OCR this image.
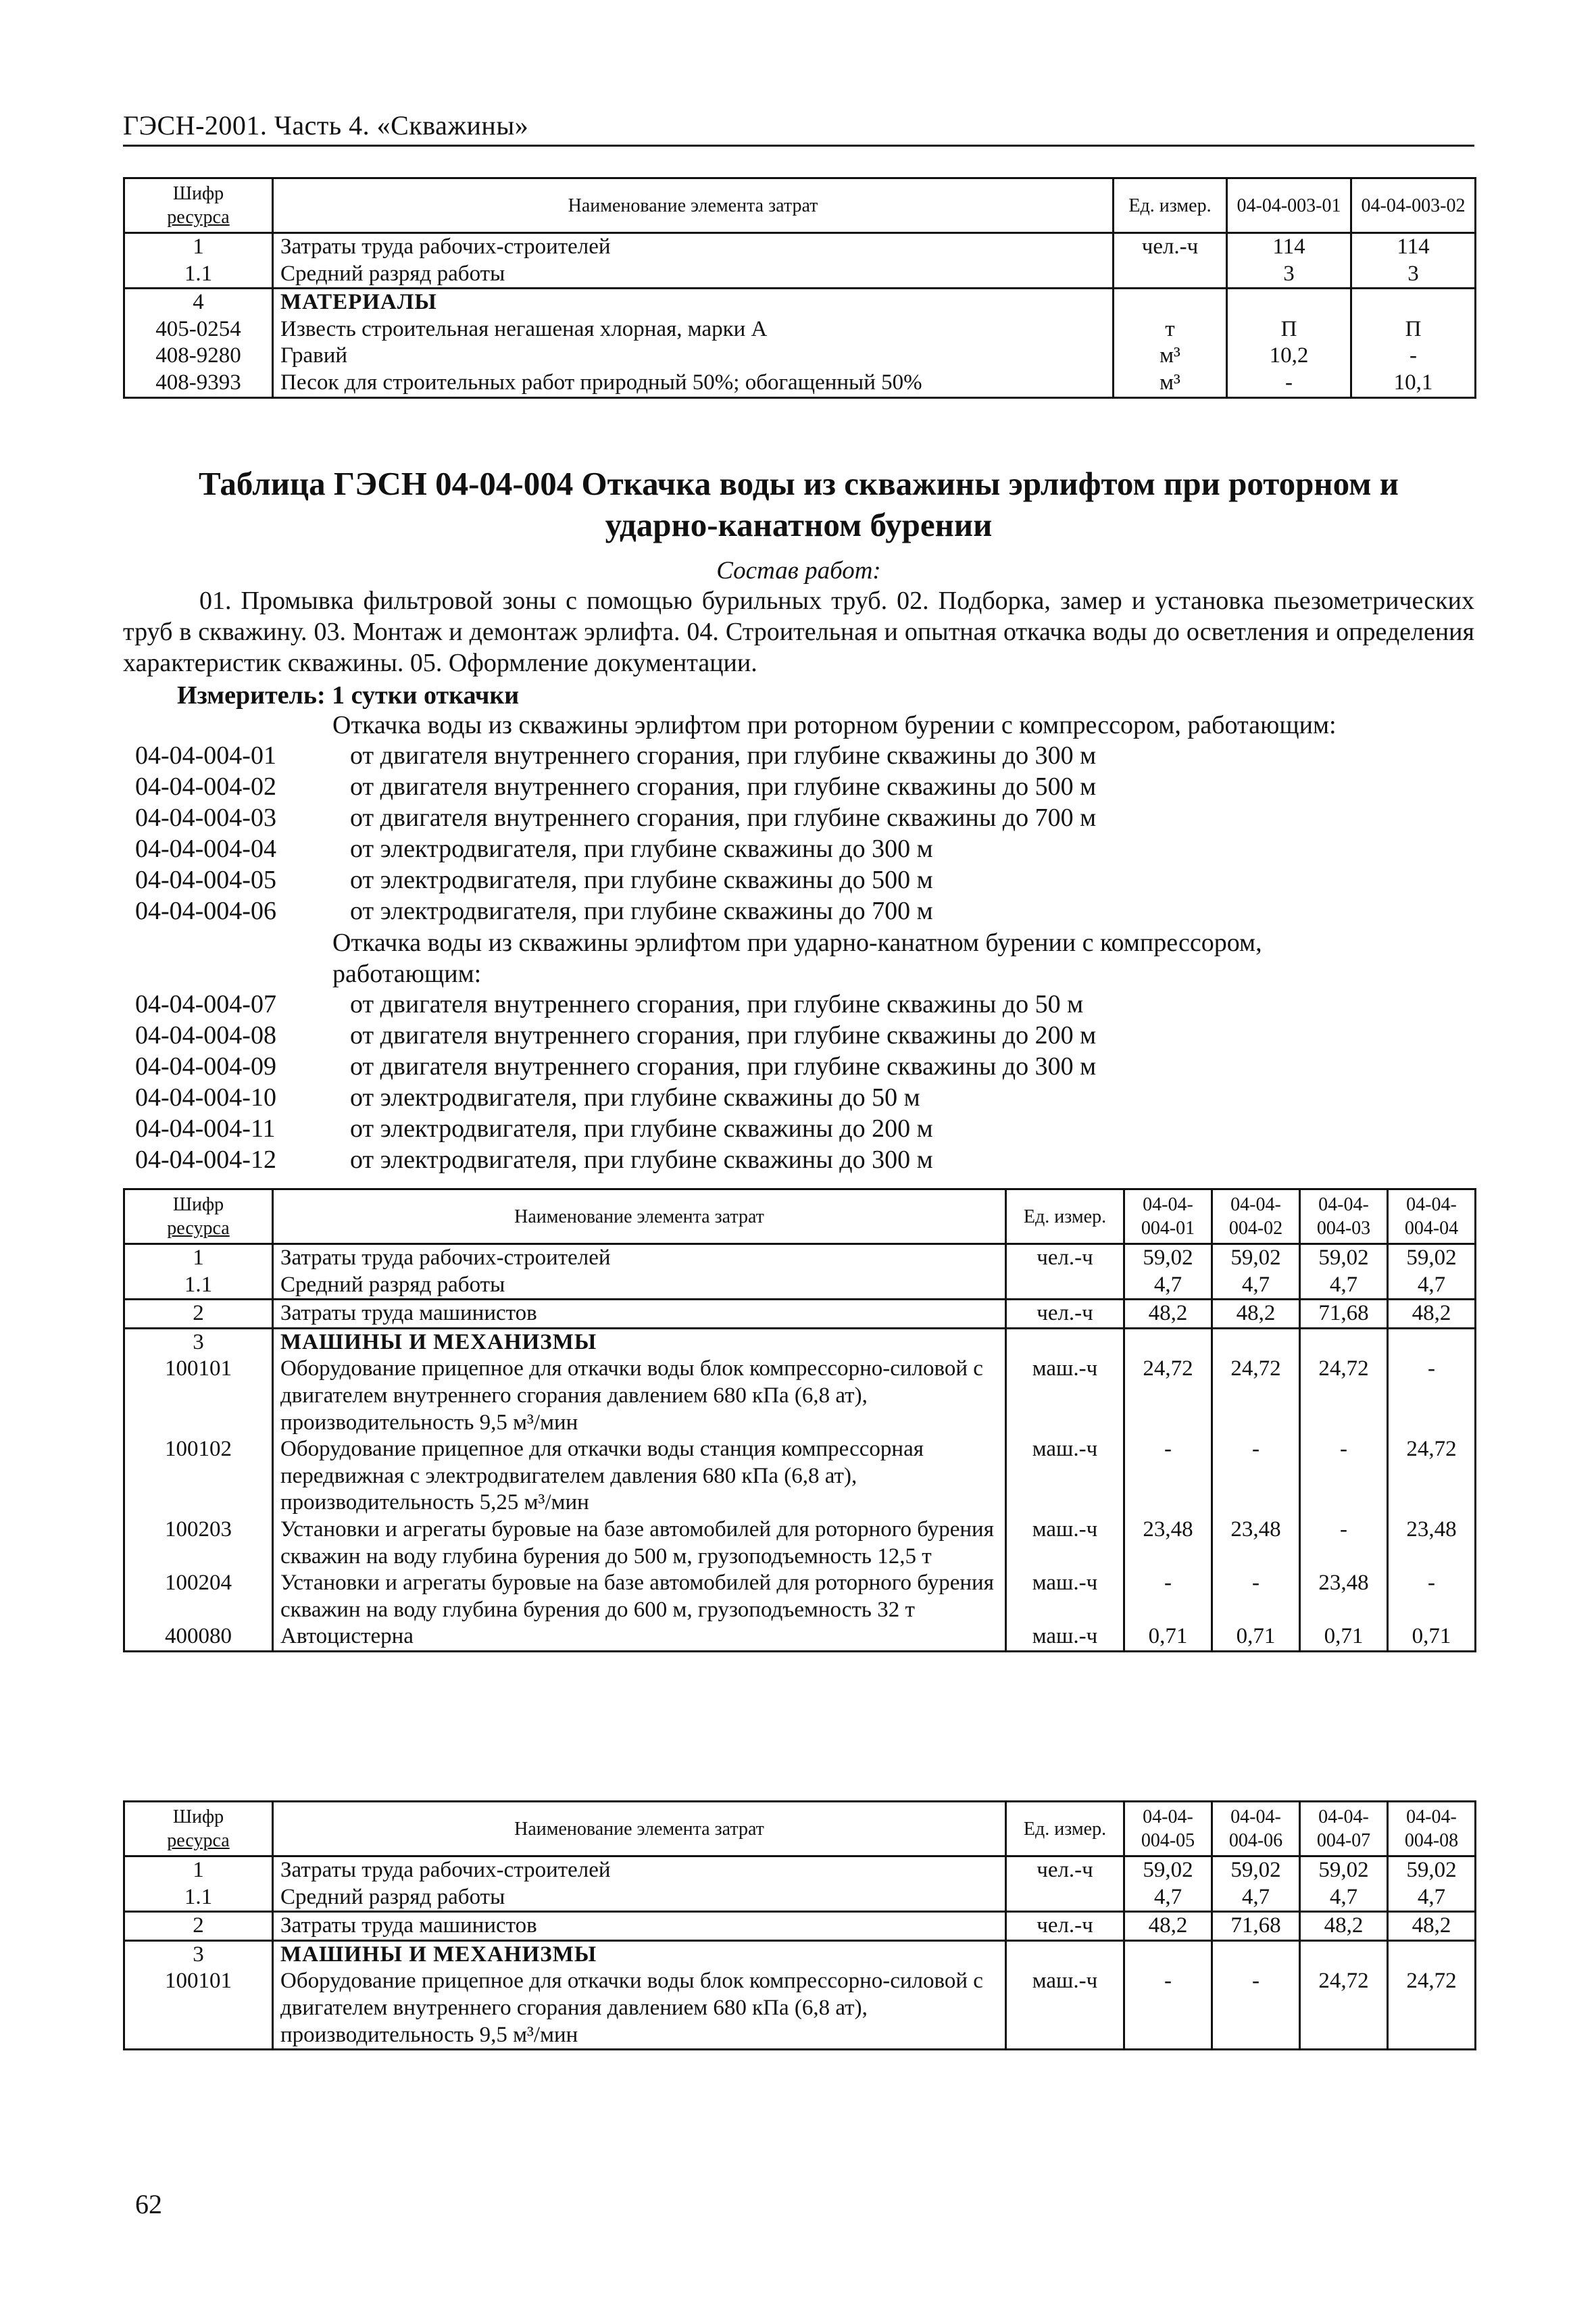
ГЭСН-2001. Часть 4. «Скважины»
Шифр
ресурса	Наименование элемента затрат	Ед. измер.	04-04-003-01	04-04-003-02
1	Затраты труда рабочих-строителей	чел.-ч	114	114
1.1	Средний разряд работы		3	3
4	МАТЕРИАЛЫ			
405-0254	Известь строительная негашеная хлорная, марки А	т	П	П
408-9280	Гравий	м³	10,2	-
408-9393	Песок для строительных работ природный 50%; обогащенный 50%	м³	-	10,1
Таблица ГЭСН 04-04-004 Откачка воды из скважины эрлифтом при роторном и
ударно-канатном бурении
Состав работ:

01. Промывка фильтровой зоны с помощью бурильных труб. 02. Подборка, замер и установка пьезометрических труб в скважину. 03. Монтаж и демонтаж эрлифта. 04. Строительная и опытная откачка воды до осветления и определения характеристик скважины. 05. Оформление документации.

Измеритель: 1 сутки откачки

Откачка воды из скважины эрлифтом при роторном бурении с компрессором, работающим:

04-04-004-01	от двигателя внутреннего сгорания, при глубине скважины до 300 м
04-04-004-02	от двигателя внутреннего сгорания, при глубине скважины до 500 м
04-04-004-03	от двигателя внутреннего сгорания, при глубине скважины до 700 м
04-04-004-04	от электродвигателя, при глубине скважины до 300 м
04-04-004-05	от электродвигателя, при глубине скважины до 500 м
04-04-004-06	от электродвигателя, при глубине скважины до 700 м

Откачка воды из скважины эрлифтом при ударно-канатном бурении с компрессором, работающим:

04-04-004-07	от двигателя внутреннего сгорания, при глубине скважины до 50 м
04-04-004-08	от двигателя внутреннего сгорания, при глубине скважины до 200 м
04-04-004-09	от двигателя внутреннего сгорания, при глубине скважины до 300 м
04-04-004-10	от электродвигателя, при глубине скважины до 50 м
04-04-004-11	от электродвигателя, при глубине скважины до 200 м
04-04-004-12	от электродвигателя, при глубине скважины до 300 м
Шифр
ресурса	Наименование элемента затрат	Ед. измер.	04-04-004-01	04-04-004-02	04-04-004-03	04-04-004-04
1	Затраты труда рабочих-строителей	чел.-ч	59,02	59,02	59,02	59,02
1.1	Средний разряд работы		4,7	4,7	4,7	4,7
2	Затраты труда машинистов	чел.-ч	48,2	48,2	71,68	48,2
3	МАШИНЫ И МЕХАНИЗМЫ					
100101	Оборудование прицепное для откачки воды блок компрессорно-силовой с двигателем внутреннего сгорания давлением 680 кПа (6,8 ат), производительность 9,5 м³/мин	маш.-ч	24,72	24,72	24,72	-
100102	Оборудование прицепное для откачки воды станция компрессорная передвижная с электродвигателем давления 680 кПа (6,8 ат), производительность 5,25 м³/мин	маш.-ч	-	-	-	24,72
100203	Установки и агрегаты буровые на базе автомобилей для роторного бурения скважин на воду глубина бурения до 500 м, грузоподъемность 12,5 т	маш.-ч	23,48	23,48	-	23,48
100204	Установки и агрегаты буровые на базе автомобилей для роторного бурения скважин на воду глубина бурения до 600 м, грузоподъемность 32 т	маш.-ч	-	-	23,48	-
400080	Автоцистерна	маш.-ч	0,71	0,71	0,71	0,71
Шифр
ресурса	Наименование элемента затрат	Ед. измер.	04-04-004-05	04-04-004-06	04-04-004-07	04-04-004-08
1	Затраты труда рабочих-строителей	чел.-ч	59,02	59,02	59,02	59,02
1.1	Средний разряд работы		4,7	4,7	4,7	4,7
2	Затраты труда машинистов	чел.-ч	48,2	71,68	48,2	48,2
3	МАШИНЫ И МЕХАНИЗМЫ					
100101	Оборудование прицепное для откачки воды блок компрессорно-силовой с двигателем внутреннего сгорания давлением 680 кПа (6,8 ат), производительность 9,5 м³/мин	маш.-ч	-	-	24,72	24,72
62
